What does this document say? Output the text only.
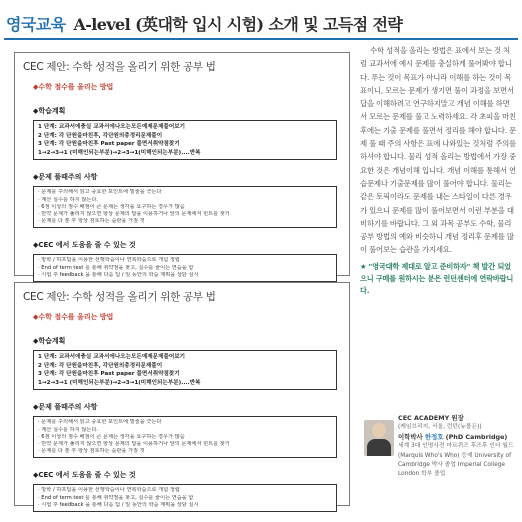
영국교육 A-level (英대학 입시 시험) 소개 및 고득점 전략
CEC 제안: 수학 성적을 올리기 위한 공부 법
◆수학 점수를 올리는 방법
◆학습계획
1 단계: 교과서에충실 교과서에나오는모든예제문제풀어보기
2 단계: 각 단원을마친후, 각단원의총정리문제풀이
3 단계: 각 단원을마친후 Past paper 풀면서취약점찾기
1→2→3→1 (미해인되는부분)→2→3→1(미해인되는부분)....반복
◆문제 풀때주의 사항
· 문제를 주의해서 읽고 중요한 포인트에 밑줄을 긋는다
· 계산 실수를 하지 않는다.
· 6점 이상의 점수 배점이 큰 문제는 생각을 요구하는 경우가 많음
· 만약 문제가 풀리지 않으면 항상 문제의 답을 이용하거나 앞의 문제에서 힌트를 찾기
· 문제를 다 푼 후 항상 검토하는 습관을 가질 것
◆CEC 에서 도움을 줄 수 있는 것
· 방학 / 하프텀을 이용한 선행학습이나 연복학습으로 개념 정립
· End of term test 를 통해 취약점을 찾고, 실수를 줄이는 연습을 함
· 시험 후 feedback 을 통해 다음 텀 / 일 동안의 학습 계획을 상담 실시
CEC 제안: 수학 성적을 올리기 위한 공부 법
◆수학 점수를 올리는 방법
◆학습계획
1 단계: 교과서에충실 교과서에나오는모든예제문제풀어보기
2 단계: 각 단원을마친후, 각단원의총정리문제풀이
3 단계: 각 단원을마친후 Past paper 풀면서취약점찾기
1→2→3→1 (미해인되는부분)→2→3→1(미해인되는부분)....반복
◆문제 풀때주의 사항
· 문제를 주의해서 읽고 중요한 포인트에 밑줄을 긋는다
· 계산 실수를 하지 않는다.
· 6점 이상의 점수 배점이 큰 문제는 생각을 요구하는 경우가 많음
· 만약 문제가 풀리지 않으면 항상 문제의 답을 이용하거나 앞의 문제에서 힌트를 찾기
· 문제를 다 푼 후 항상 검토하는 습관을 가질 것
◆CEC 에서 도움을 줄 수 있는 것
· 방학 / 하프텀을 이용한 선행학습이나 연복학습으로 개념 정립
· End of term test 를 통해 취약점을 찾고, 실수를 줄이는 연습을 함
· 시험 후 feedback 을 통해 다음 텀 / 일 동안의 학습 계획을 상담 실시

수학 성적을 올리는 방법은 표에서 보는 것 처럼 교과서에 예시 문제를 충실하게 풀어봐야 합니다. 푸는 것이 목표가 아니라 이해를 하는 것이 목표이니, 모르는 문제가 생기면 풀이 과정을 보면서 답을 이해하려고 연구하지말고 개념 이해를 하면서 모르는 문제를 풀고 노력하세요. 각 초피을 마친 후에는 기출 문제를 풀면서 정리를 해야 합니다. 문제 풀 때 주의 사항은 표에 나와있는 것처럼 주의를 하셔야 합니다. 물리 성적 올리는 방법에서 가장 중요한 것은 개념이해 입니다. 개념 이해를 통해서 연습문제나 기출문제를 많이 풀어야 합니다. 물리는 같은 토픽이라도 문제를 내는 스타일이 다른 경우가 있으니 문제를 많이 풀어보면서 이런 부분을 대비하기를 바랍니다. 그 외 과목 공부도 수학, 물리 공부 방법의 예와 비슷하니 개념 정리후 문제를 많이 풀어보는 습관을 가지세요.

★ "영국대학 제대로 알고 준비하자" 책 발간 되었으니 구매를 원하시는 분은 런던센터에 연락바랍니다.
CEC ACADEMY 원장
(케임브리지, 서울, 런던(뉴몰든))
이학박사 한정호 (PhD Cambridge)
세계 3대 인명사전 마르퀴즈 후즈후 인더 월드(Marquis Who's Who) 등재 University of Cambridge 박사 졸업 Imperial College London 학부 졸업
